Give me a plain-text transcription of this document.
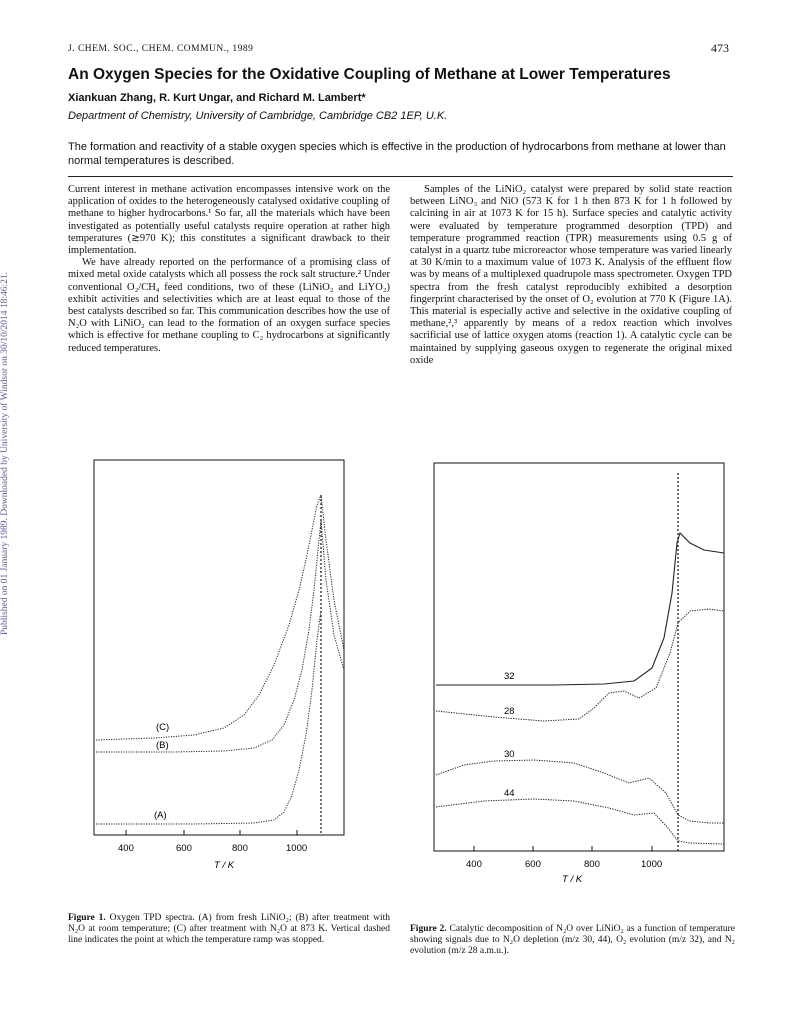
Published on 01 January 1989. Downloaded by University of Windsor on 30/10/2014 18:46:21.
J. CHEM. SOC., CHEM. COMMUN., 1989	473
An Oxygen Species for the Oxidative Coupling of Methane at Lower Temperatures
Xiankuan Zhang, R. Kurt Ungar, and Richard M. Lambert*
Department of Chemistry, University of Cambridge, Cambridge CB2 1EP, U.K.
The formation and reactivity of a stable oxygen species which is effective in the production of hydrocarbons from methane at lower than normal temperatures is described.

Current interest in methane activation encompasses intensive work on the application of oxides to the heterogeneously catalysed oxidative coupling of methane to higher hydrocarbons.¹ So far, all the materials which have been investigated as potentially useful catalysts require operation at rather high temperatures (≳970 K); this constitutes a significant drawback to their implementation.

We have already reported on the performance of a promising class of mixed metal oxide catalysts which all possess the rock salt structure.² Under conventional O₂/CH₄ feed conditions, two of these (LiNiO₂ and LiYO₂) exhibit activities and selectivities which are at least equal to those of the best catalysts described so far. This communication describes how the use of N₂O with LiNiO₂ can lead to the formation of an oxygen surface species which is effective for methane coupling to C₂ hydrocarbons at significantly reduced temperatures.

Samples of the LiNiO₂ catalyst were prepared by solid state reaction between LiNO₃ and NiO (573 K for 1 h then 873 K for 1 h followed by calcining in air at 1073 K for 15 h). Surface species and catalytic activity were evaluated by temperature programmed desorption (TPD) and temperature programmed reaction (TPR) measurements using 0.5 g of catalyst in a quartz tube microreactor whose temperature was varied linearly at 30 K/min to a maximum value of 1073 K. Analysis of the effluent flow was by means of a multiplexed quadrupole mass spectrometer. Oxygen TPD spectra from the fresh catalyst reproducibly exhibited a desorption fingerprint characterised by the onset of O₂ evolution at 770 K (Figure 1A). This material is especially active and selective in the oxidative coupling of methane,²,³ apparently by means of a redox reaction which involves sacrificial use of lattice oxygen atoms (reaction 1). A catalytic cycle can be maintained by supplying gaseous oxygen to regenerate the original mixed oxide

(C)
(B)
(A)
400	600	800	1000
T / K
32
28
30
44
400	600	800	1000
T / K
Figure 1. Oxygen TPD spectra. (A) from fresh LiNiO₂; (B) after treatment with N₂O at room temperature; (C) after treatment with N₂O at 873 K. Vertical dashed line indicates the point at which the temperature ramp was stopped.
Figure 2. Catalytic decomposition of N₂O over LiNiO₂ as a function of temperature showing signals due to N₂O depletion (m/z 30, 44), O₂ evolution (m/z 32), and N₂ evolution (m/z 28 a.m.u.).
